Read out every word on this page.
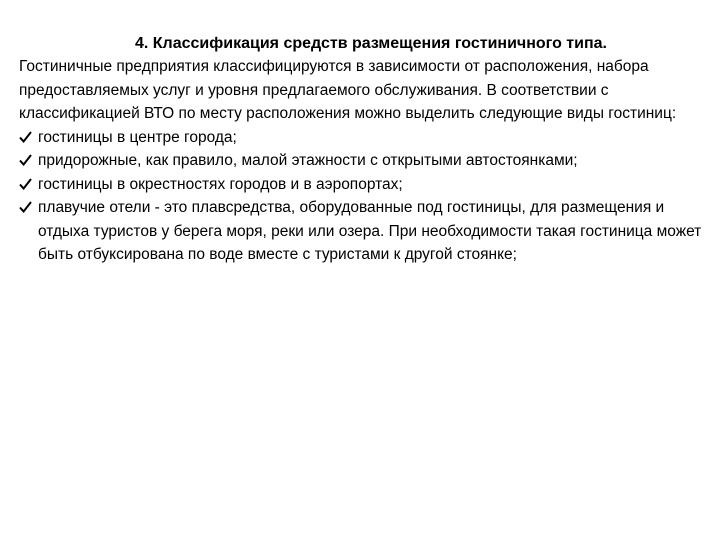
4. Классификация средств размещения гостиничного типа.

Гостиничные предприятия классифицируются в зависимости от расположения, набора предоставляемых услуг и уровня предлагаемого обслуживания. В соответствии с классификацией ВТО по месту расположения можно выделить следующие виды гостиниц:

гостиницы в центре города;
придорожные, как правило, малой этажности с открытыми автостоянками;
гостиницы в окрестностях городов и в аэропортах;
плавучие отели - это плавсредства, оборудованные под гостиницы, для размещения и отдыха туристов у берега моря, реки или озера. При необходимости такая гостиница может быть отбуксирована по воде вместе с туристами к другой стоянке;
